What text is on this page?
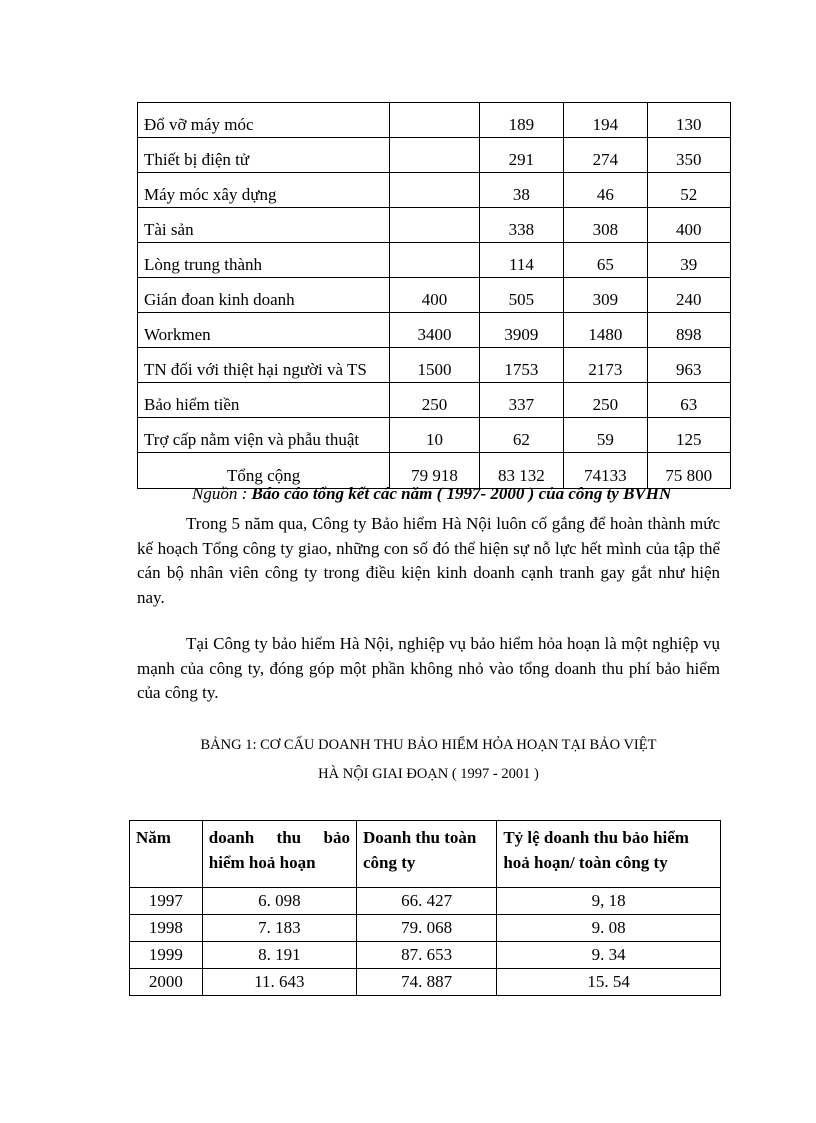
Đổ vỡ máy móc		189	194	130
Thiết bị điện tử		291	274	350
Máy móc xây dựng		38	46	52
Tài sản		338	308	400
Lòng trung thành		114	65	39
Gián đoan kinh doanh	400	505	309	240
Workmen	3400	3909	1480	898
TN đối với thiệt hại người và TS	1500	1753	2173	963
Bảo hiểm tiền	250	337	250	63
Trợ cấp nằm viện và phẫu thuật	10	62	59	125
Tổng cộng	79 918	83 132	74133	75 800
Nguồn : Báo cáo tổng kết các năm ( 1997- 2000 ) của công ty BVHN

Trong 5 năm qua, Công ty Bảo hiểm Hà Nội luôn cố gắng để hoàn thành mức kế hoạch Tổng công ty giao, những con số đó thể hiện sự nỗ lực hết mình của tập thể cán bộ nhân viên công ty trong điều kiện kinh doanh cạnh tranh gay gắt như hiện nay.

Tại Công ty bảo hiểm Hà Nội, nghiệp vụ bảo hiểm hỏa hoạn là một nghiệp vụ mạnh của công ty, đóng góp một phần không nhỏ vào tổng doanh thu phí bảo hiểm của công ty.

BẢNG 1: CƠ CẤU DOANH THU BẢO HIỂM HỎA HOẠN TẠI BẢO VIỆT
HÀ NỘI GIAI ĐOẠN ( 1997 - 2001 )
Năm	doanh thu bảo hiểm hoả hoạn	Doanh thu toàn công ty	Tỷ lệ doanh thu bảo hiểm hoả hoạn/ toàn công ty
1997	6. 098	66. 427	9, 18
1998	7. 183	79. 068	9. 08
1999	8. 191	87. 653	9. 34
2000	11. 643	74. 887	15. 54
